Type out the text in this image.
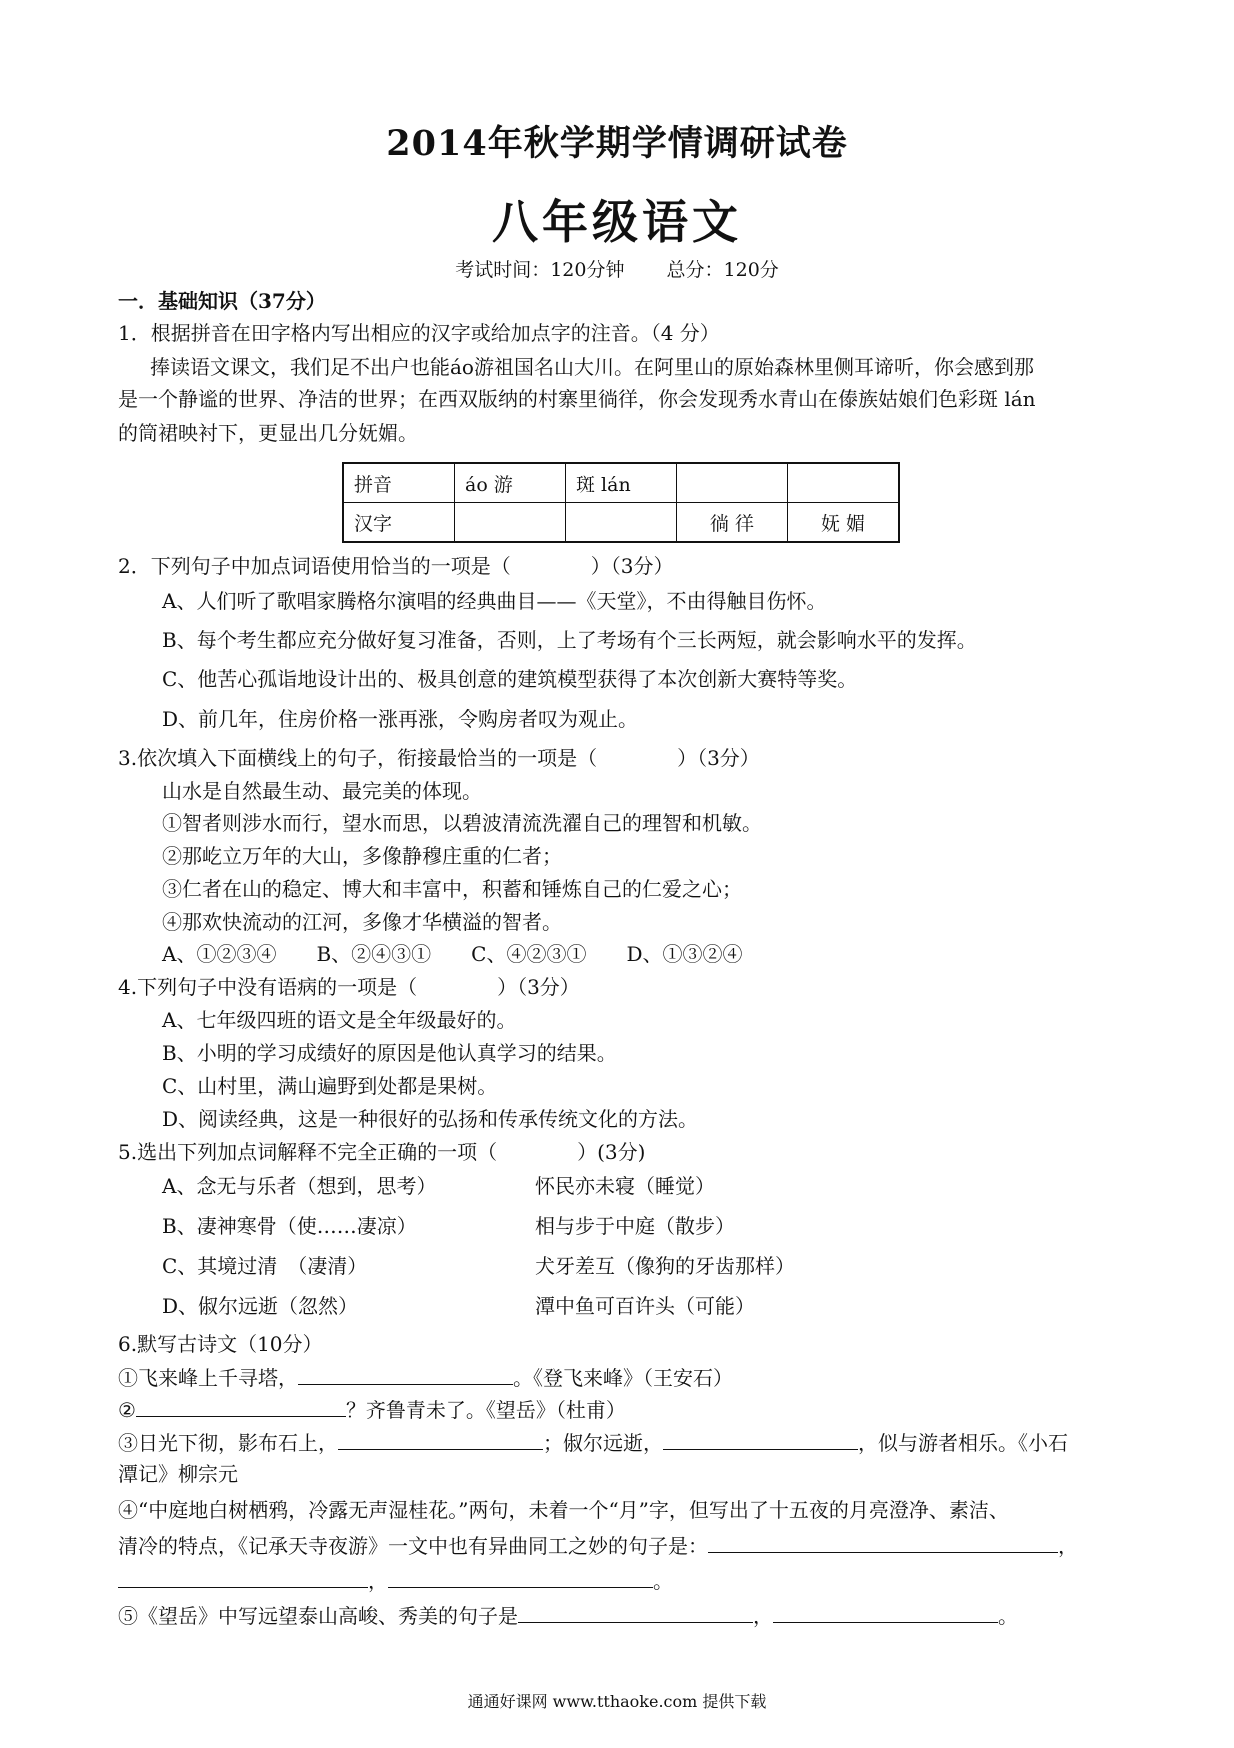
2014年秋学期学情调研试卷
八年级语文
考试时间：120分钟 总分：120分
一．基础知识（37分）
1．根据拼音在田字格内写出相应的汉字或给加点字的注音。（4 分）
捧读语文课文，我们足不出户也能áo游祖国名山大川。在阿里山的原始森林里侧耳谛听，你会感到那
是一个静谧的世界、净洁的世界；在西双版纳的村寨里徜徉，你会发现秀水青山在傣族姑娘们色彩斑 lán
的筒裙映衬下，更显出几分妩媚。
拼音	áo 游	斑 lán		
汉字			徜 徉	妩 媚
2．下列句子中加点词语使用恰当的一项是（　　　　）（3分）
A、人们听了歌唱家腾格尔演唱的经典曲目——《天堂》，不由得触目伤怀。
B、每个考生都应充分做好复习准备，否则，上了考场有个三长两短，就会影响水平的发挥。
C、他苦心孤诣地设计出的、极具创意的建筑模型获得了本次创新大赛特等奖。
D、前几年，住房价格一涨再涨，令购房者叹为观止。
3.依次填入下面横线上的句子，衔接最恰当的一项是（　　　　）（3分）
山水是自然最生动、最完美的体现。
①智者则涉水而行，望水而思，以碧波清流洗濯自己的理智和机敏。
②那屹立万年的大山，多像静穆庄重的仁者；
③仁者在山的稳定、博大和丰富中，积蓄和锤炼自己的仁爱之心；
④那欢快流动的江河，多像才华横溢的智者。
A、①②③④　　B、②④③①　　C、④②③①　　D、①③②④
4.下列句子中没有语病的一项是（　　　　）（3分）
A、七年级四班的语文是全年级最好的。
B、小明的学习成绩好的原因是他认真学习的结果。
C、山村里，满山遍野到处都是果树。
D、阅读经典，这是一种很好的弘扬和传承传统文化的方法。
5.选出下列加点词解释不完全正确的一项（　　　　）(3分)
A、念无与乐者（想到，思考）	怀民亦未寝（睡觉）
B、凄神寒骨（使……凄凉）	相与步于中庭（散步）
C、其境过清　（凄清）	犬牙差互（像狗的牙齿那样）
D、俶尔远逝（忽然）	潭中鱼可百许头（可能）
6.默写古诗文（10分）
①飞来峰上千寻塔，	。《登飞来峰》（王安石）
②	？齐鲁青未了。《望岳》（杜甫）
③日光下彻，影布石上，	；俶尔远逝，	，似与游者相乐。《小石
潭记》柳宗元
④“中庭地白树栖鸦，冷露无声湿桂花。”两句，未着一个“月”字，但写出了十五夜的月亮澄净、素洁、
清冷的特点，《记承天寺夜游》一文中也有异曲同工之妙的句子是：	，
，	。
⑤《望岳》中写远望泰山高峻、秀美的句子是	，	。
通通好课网 www.tthaoke.com 提供下载
